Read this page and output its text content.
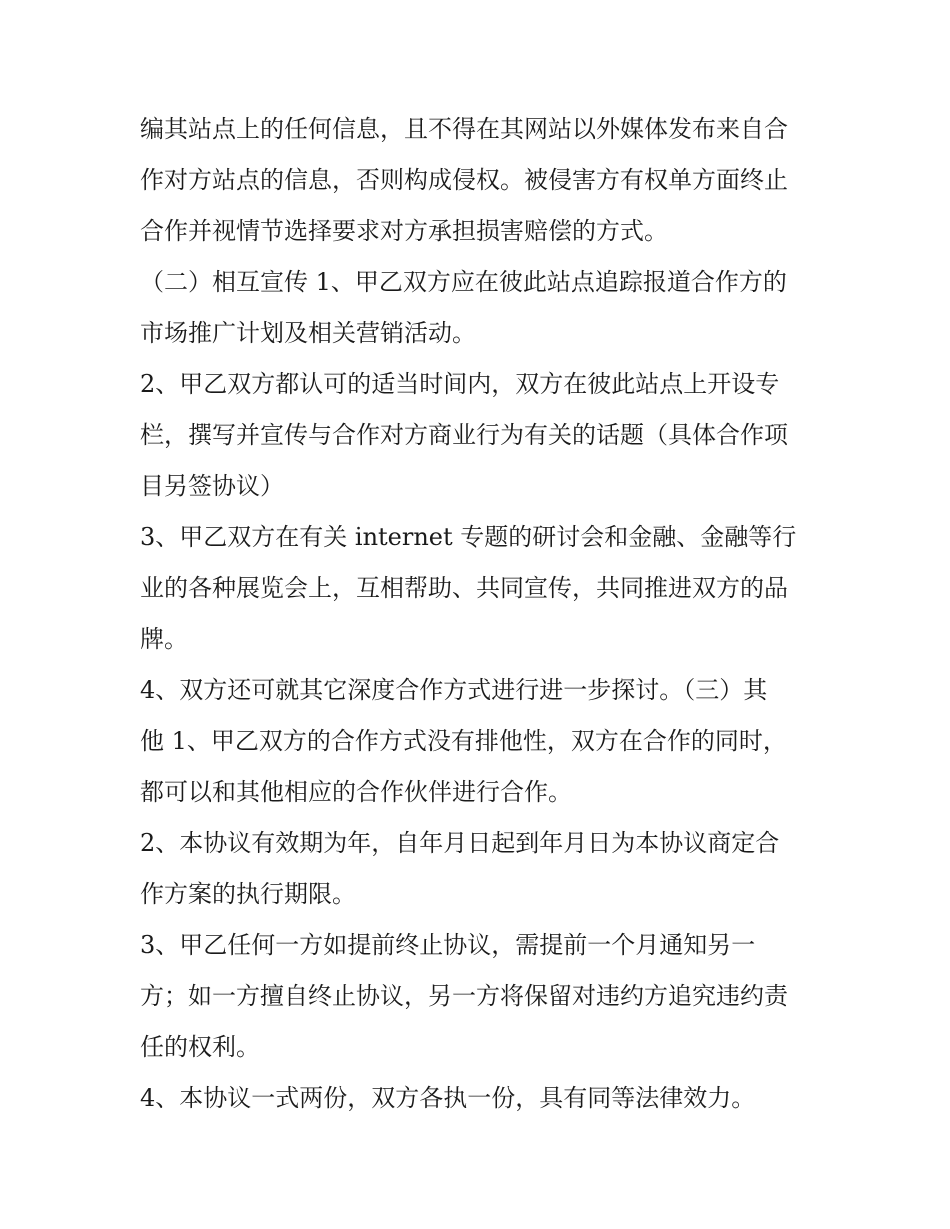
编其站点上的任何信息，且不得在其网站以外媒体发布来自合
作对方站点的信息，否则构成侵权。被侵害方有权单方面终止
合作并视情节选择要求对方承担损害赔偿的方式。
（二）相互宣传 1、甲乙双方应在彼此站点追踪报道合作方的
市场推广计划及相关营销活动。
2、甲乙双方都认可的适当时间内，双方在彼此站点上开设专
栏，撰写并宣传与合作对方商业行为有关的话题（具体合作项
目另签协议）
3、甲乙双方在有关 internet 专题的研讨会和金融、金融等行
业的各种展览会上，互相帮助、共同宣传，共同推进双方的品
牌。
4、双方还可就其它深度合作方式进行进一步探讨。（三）其
他 1、甲乙双方的合作方式没有排他性，双方在合作的同时，
都可以和其他相应的合作伙伴进行合作。
2、本协议有效期为年，自年月日起到年月日为本协议商定合
作方案的执行期限。
3、甲乙任何一方如提前终止协议，需提前一个月通知另一
方；如一方擅自终止协议，另一方将保留对违约方追究违约责
任的权利。
4、本协议一式两份，双方各执一份，具有同等法律效力。
